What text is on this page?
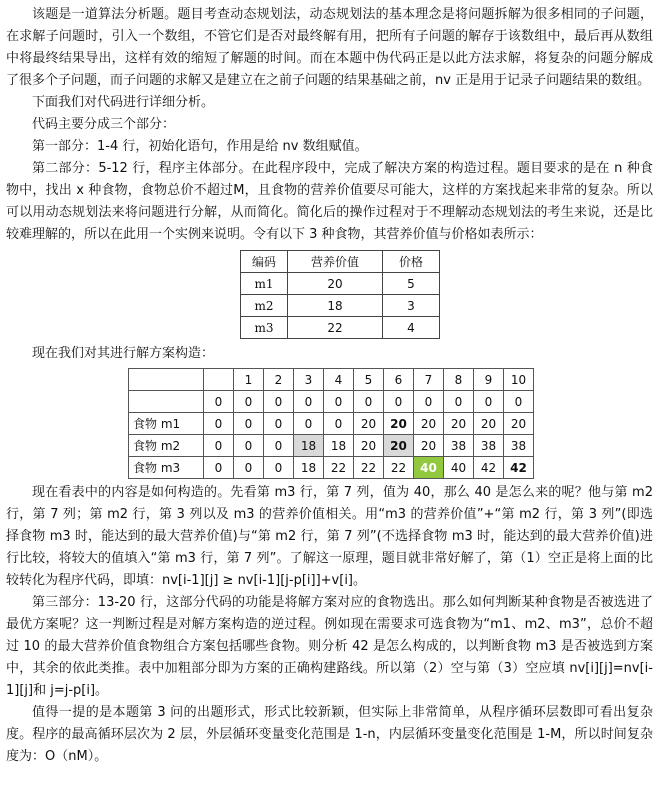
该题是一道算法分析题。题目考查动态规划法，动态规划法的基本理念是将问题拆解为很多相同的子问题，在求解子问题时，引入一个数组，不管它们是否对最终解有用，把所有子问题的解存于该数组中，最后再从数组中将最终结果导出，这样有效的缩短了解题的时间。而在本题中伪代码正是以此方法求解，将复杂的问题分解成了很多个子问题，而子问题的求解又是建立在之前子问题的结果基础之前，nv 正是用于记录子问题结果的数组。

下面我们对代码进行详细分析。

代码主要分成三个部分：

第一部分：1-4 行，初始化语句，作用是给 nv 数组赋值。

第二部分：5-12 行，程序主体部分。在此程序段中，完成了解决方案的构造过程。题目要求的是在 n 种食物中，找出 x 种食物，食物总价不超过M，且食物的营养价值要尽可能大，这样的方案找起来非常的复杂。所以可以用动态规划法来将问题进行分解，从而简化。简化后的操作过程对于不理解动态规划法的考生来说，还是比较难理解的，所以在此用一个实例来说明。令有以下 3 种食物，其营养价值与价格如表所示：

编码	营养价值	价格
m1	20	5
m2	18	3
m3	22	4

现在我们对其进行解方案构造：

		1	2	3	4	5	6	7	8	9	10
	0	0	0	0	0	0	0	0	0	0	0
食物 m1	0	0	0	0	0	20	20	20	20	20	20
食物 m2	0	0	0	18	18	20	20	20	38	38	38
食物 m3	0	0	0	18	22	22	22	40	40	42	42

现在看表中的内容是如何构造的。先看第 m3 行，第 7 列，值为 40，那么 40 是怎么来的呢？他与第 m2 行，第 7 列；第 m2 行，第 3 列以及 m3 的营养价值相关。用“m3 的营养价值”+“第 m2 行，第 3 列”(即选择食物 m3 时，能达到的最大营养价值)与“第 m2 行，第 7 列”(不选择食物 m3 时，能达到的最大营养价值)进行比较，将较大的值填入“第 m3 行，第 7 列”。了解这一原理，题目就非常好解了，第（1）空正是将上面的比较转化为程序代码，即填：nv[i-1][j] ≥ nv[i-1][j-p[i]]+v[i]。

第三部分：13-20 行，这部分代码的功能是将解方案对应的食物选出。那么如何判断某种食物是否被选进了最优方案呢？这一判断过程是对解方案构造的逆过程。例如现在需要求可选食物为“m1、m2、m3”，总价不超过 10 的最大营养价值食物组合方案包括哪些食物。则分析 42 是怎么构成的，以判断食物 m3 是否被选到方案中，其余的依此类推。表中加粗部分即为方案的正确构建路线。所以第（2）空与第（3）空应填 nv[i][j]=nv[i-1][j]和 j=j-p[i]。

值得一提的是本题第 3 问的出题形式，形式比较新颖，但实际上非常简单，从程序循环层数即可看出复杂度。程序的最高循环层次为 2 层，外层循环变量变化范围是 1-n，内层循环变量变化范围是 1-M，所以时间复杂度为：O（nM）。
